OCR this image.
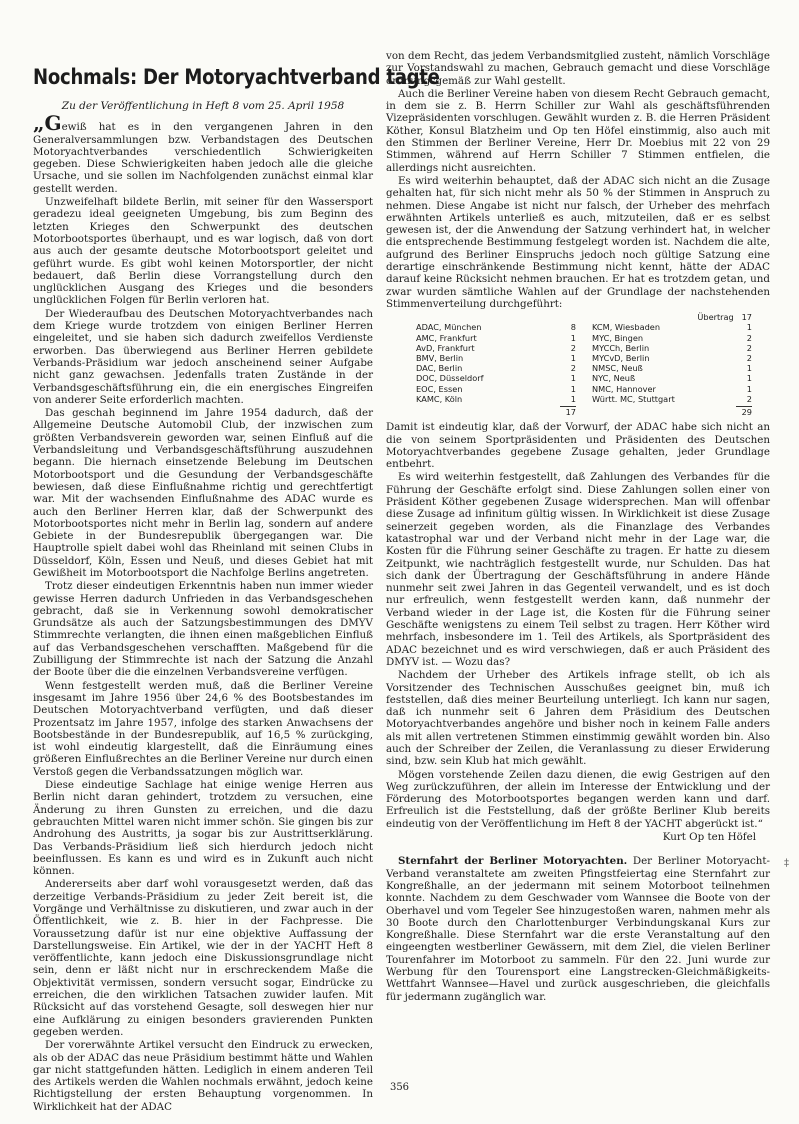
Nochmals: Der Motoryachtverband tagte
Zu der Veröffentlichung in Heft 8 vom 25. April 1958

„Gewiß hat es in den vergangenen Jahren in den Generalversammlungen bzw. Verbandstagen des Deutschen Motoryachtverbandes verschiedentlich Schwierigkeiten gegeben. Diese Schwierigkeiten haben jedoch alle die gleiche Ursache, und sie sollen im Nachfolgenden zunächst einmal klar gestellt werden.

Unzweifelhaft bildete Berlin, mit seiner für den Wassersport geradezu ideal geeigneten Umgebung, bis zum Beginn des letzten Krieges den Schwerpunkt des deutschen Motorbootsportes überhaupt, und es war logisch, daß von dort aus auch der gesamte deutsche Motorbootsport geleitet und geführt wurde. Es gibt wohl keinen Motorsportler, der nicht bedauert, daß Berlin diese Vorrangstellung durch den unglücklichen Ausgang des Krieges und die besonders unglücklichen Folgen für Berlin verloren hat.

Der Wiederaufbau des Deutschen Motoryachtverbandes nach dem Kriege wurde trotzdem von einigen Berliner Herren eingeleitet, und sie haben sich dadurch zweifellos Verdienste erworben. Das überwiegend aus Berliner Herren gebildete Verbands-Präsidium war jedoch anscheinend seiner Aufgabe nicht ganz gewachsen. Jedenfalls traten Zustände in der Verbandsgeschäftsführung ein, die ein energisches Eingreifen von anderer Seite erforderlich machten.

Das geschah beginnend im Jahre 1954 dadurch, daß der Allgemeine Deutsche Automobil Club, der inzwischen zum größten Verbandsverein geworden war, seinen Einfluß auf die Verbandsleitung und Verbandsgeschäftsführung auszudehnen begann. Die hiernach einsetzende Belebung im Deutschen Motorbootsport und die Gesundung der Verbandsgeschäfte bewiesen, daß diese Einflußnahme richtig und gerechtfertigt war. Mit der wachsenden Einflußnahme des ADAC wurde es auch den Berliner Herren klar, daß der Schwerpunkt des Motorbootsportes nicht mehr in Berlin lag, sondern auf andere Gebiete in der Bundesrepublik übergegangen war. Die Hauptrolle spielt dabei wohl das Rheinland mit seinen Clubs in Düsseldorf, Köln, Essen und Neuß, und dieses Gebiet hat mit Gewißheit im Motorbootsport die Nachfolge Berlins angetreten.

Trotz dieser eindeutigen Erkenntnis haben nun immer wieder gewisse Herren dadurch Unfrieden in das Verbandsgeschehen gebracht, daß sie in Verkennung sowohl demokratischer Grundsätze als auch der Satzungsbestimmungen des DMYV Stimmrechte verlangten, die ihnen einen maßgeblichen Einfluß auf das Verbandsgeschehen verschafften. Maßgebend für die Zubilligung der Stimmrechte ist nach der Satzung die Anzahl der Boote über die die einzelnen Verbandsvereine verfügen.

Wenn festgestellt werden muß, daß die Berliner Vereine insgesamt im Jahre 1956 über 24,6 % des Bootsbestandes im Deutschen Motoryachtverband verfügten, und daß dieser Prozentsatz im Jahre 1957, infolge des starken Anwachsens der Bootsbestände in der Bundesrepublik, auf 16,5 % zurückging, ist wohl eindeutig klargestellt, daß die Einräumung eines größeren Einflußrechtes an die Berliner Vereine nur durch einen Verstoß gegen die Verbandssatzungen möglich war.

Diese eindeutige Sachlage hat einige wenige Herren aus Berlin nicht daran gehindert, trotzdem zu versuchen, eine Änderung zu ihren Gunsten zu erreichen, und die dazu gebrauchten Mittel waren nicht immer schön. Sie gingen bis zur Androhung des Austritts, ja sogar bis zur Austrittserklärung. Das Verbands-Präsidium ließ sich hierdurch jedoch nicht beeinflussen. Es kann es und wird es in Zukunft auch nicht können.

Andererseits aber darf wohl vorausgesetzt werden, daß das derzeitige Verbands-Präsidium zu jeder Zeit bereit ist, die Vorgänge und Verhältnisse zu diskutieren, und zwar auch in der Öffentlichkeit, wie z. B. hier in der Fachpresse. Die Voraussetzung dafür ist nur eine objektive Auffassung der Darstellungsweise. Ein Artikel, wie der in der YACHT Heft 8 veröffentlichte, kann jedoch eine Diskussionsgrundlage nicht sein, denn er läßt nicht nur in erschreckendem Maße die Objektivität vermissen, sondern versucht sogar, Eindrücke zu erreichen, die den wirklichen Tatsachen zuwider laufen. Mit Rücksicht auf das vorstehend Gesagte, soll deswegen hier nur eine Aufklärung zu einigen besonders gravierenden Punkten gegeben werden.

Der vorerwähnte Artikel versucht den Eindruck zu erwecken, als ob der ADAC das neue Präsidium bestimmt hätte und Wahlen gar nicht stattgefunden hätten. Lediglich in einem anderen Teil des Artikels werden die Wahlen nochmals erwähnt, jedoch keine Richtigstellung der ersten Behauptung vorgenommen. In Wirklichkeit hat der ADAC

von dem Recht, das jedem Verbandsmitglied zusteht, nämlich Vorschläge zur Vorstandswahl zu machen, Gebrauch gemacht und diese Vorschläge ordnungsgemäß zur Wahl gestellt.

Auch die Berliner Vereine haben von diesem Recht Gebrauch gemacht, in dem sie z. B. Herrn Schiller zur Wahl als geschäftsführenden Vizepräsidenten vorschlugen. Gewählt wurden z. B. die Herren Präsident Köther, Konsul Blatzheim und Op ten Höfel einstimmig, also auch mit den Stimmen der Berliner Vereine, Herr Dr. Moebius mit 22 von 29 Stimmen, während auf Herrn Schiller 7 Stimmen entfielen, die allerdings nicht ausreichten.

Es wird weiterhin behauptet, daß der ADAC sich nicht an die Zusage gehalten hat, für sich nicht mehr als 50 % der Stimmen in Anspruch zu nehmen. Diese Angabe ist nicht nur falsch, der Urheber des mehrfach erwähnten Artikels unterließ es auch, mitzuteilen, daß er es selbst gewesen ist, der die Anwendung der Satzung verhindert hat, in welcher die entsprechende Bestimmung festgelegt worden ist. Nachdem die alte, aufgrund des Berliner Einspruchs jedoch noch gültige Satzung eine derartige einschränkende Bestimmung nicht kennt, hätte der ADAC darauf keine Rücksicht nehmen brauchen. Er hat es trotzdem getan, und zwar wurden sämtliche Wahlen auf der Grundlage der nachstehenden Stimmenverteilung durchgeführt:

ADAC, München	8
AMC, Frankfurt	1
AvD, Frankfurt	2
BMV, Berlin	1
DAC, Berlin	2
DOC, Düsseldorf	1
EOC, Essen	1
KAMC, Köln	1
17
Übertrag 17
KCM, Wiesbaden	1
MYC, Bingen	2
MYCCh, Berlin	2
MYCvD, Berlin	2
NMSC, Neuß	1
NYC, Neuß	1
NMC, Hannover	1
Württ. MC, Stuttgart	2
29

Damit ist eindeutig klar, daß der Vorwurf, der ADAC habe sich nicht an die von seinem Sportpräsidenten und Präsidenten des Deutschen Motoryachtverbandes gegebene Zusage gehalten, jeder Grundlage entbehrt.

Es wird weiterhin festgestellt, daß Zahlungen des Verbandes für die Führung der Geschäfte erfolgt sind. Diese Zahlungen sollen einer von Präsident Köther gegebenen Zusage widersprechen. Man will offenbar diese Zusage ad infinitum gültig wissen. In Wirklichkeit ist diese Zusage seinerzeit gegeben worden, als die Finanzlage des Verbandes katastrophal war und der Verband nicht mehr in der Lage war, die Kosten für die Führung seiner Geschäfte zu tragen. Er hatte zu diesem Zeitpunkt, wie nachträglich festgestellt wurde, nur Schulden. Das hat sich dank der Übertragung der Geschäftsführung in andere Hände nunmehr seit zwei Jahren in das Gegenteil verwandelt, und es ist doch nur erfreulich, wenn festgestellt werden kann, daß nunmehr der Verband wieder in der Lage ist, die Kosten für die Führung seiner Geschäfte wenigstens zu einem Teil selbst zu tragen. Herr Köther wird mehrfach, insbesondere im 1. Teil des Artikels, als Sportpräsident des ADAC bezeichnet und es wird verschwiegen, daß er auch Präsident des DMYV ist. — Wozu das?

Nachdem der Urheber des Artikels infrage stellt, ob ich als Vorsitzender des Technischen Ausschußes geeignet bin, muß ich feststellen, daß dies meiner Beurteilung unterliegt. Ich kann nur sagen, daß ich nunmehr seit 6 Jahren dem Präsidium des Deutschen Motoryachtverbandes angehöre und bisher noch in keinem Falle anders als mit allen vertretenen Stimmen einstimmig gewählt worden bin. Also auch der Schreiber der Zeilen, die Veranlassung zu dieser Erwiderung sind, bzw. sein Klub hat mich gewählt.

Mögen vorstehende Zeilen dazu dienen, die ewig Gestrigen auf den Weg zurückzuführen, der allein im Interesse der Entwicklung und der Förderung des Motorbootsportes begangen werden kann und darf. Erfreulich ist die Feststellung, daß der größte Berliner Klub bereits eindeutig von der Veröffentlichung im Heft 8 der YACHT abgerückt ist.“

Kurt Op ten Höfel

Sternfahrt der Berliner Motoryachten. Der Berliner Motoryacht-Verband veranstaltete am zweiten Pfingstfeiertag eine Sternfahrt zur Kongreßhalle, an der jedermann mit seinem Motorboot teilnehmen konnte. Nachdem zu dem Geschwader vom Wannsee die Boote von der Oberhavel und vom Tegeler See hinzugestoßen waren, nahmen mehr als 30 Boote durch den Charlottenburger Verbindungskanal Kurs zur Kongreßhalle. Diese Sternfahrt war die erste Veranstaltung auf den eingeengten westberliner Gewässern, mit dem Ziel, die vielen Berliner Tourenfahrer im Motorboot zu sammeln. Für den 22. Juni wurde zur Werbung für den Tourensport eine Langstrecken-Gleichmäßigkeits-Wettfahrt Wannsee—Havel und zurück ausgeschrieben, die gleichfalls für jedermann zugänglich war.

356
‡
